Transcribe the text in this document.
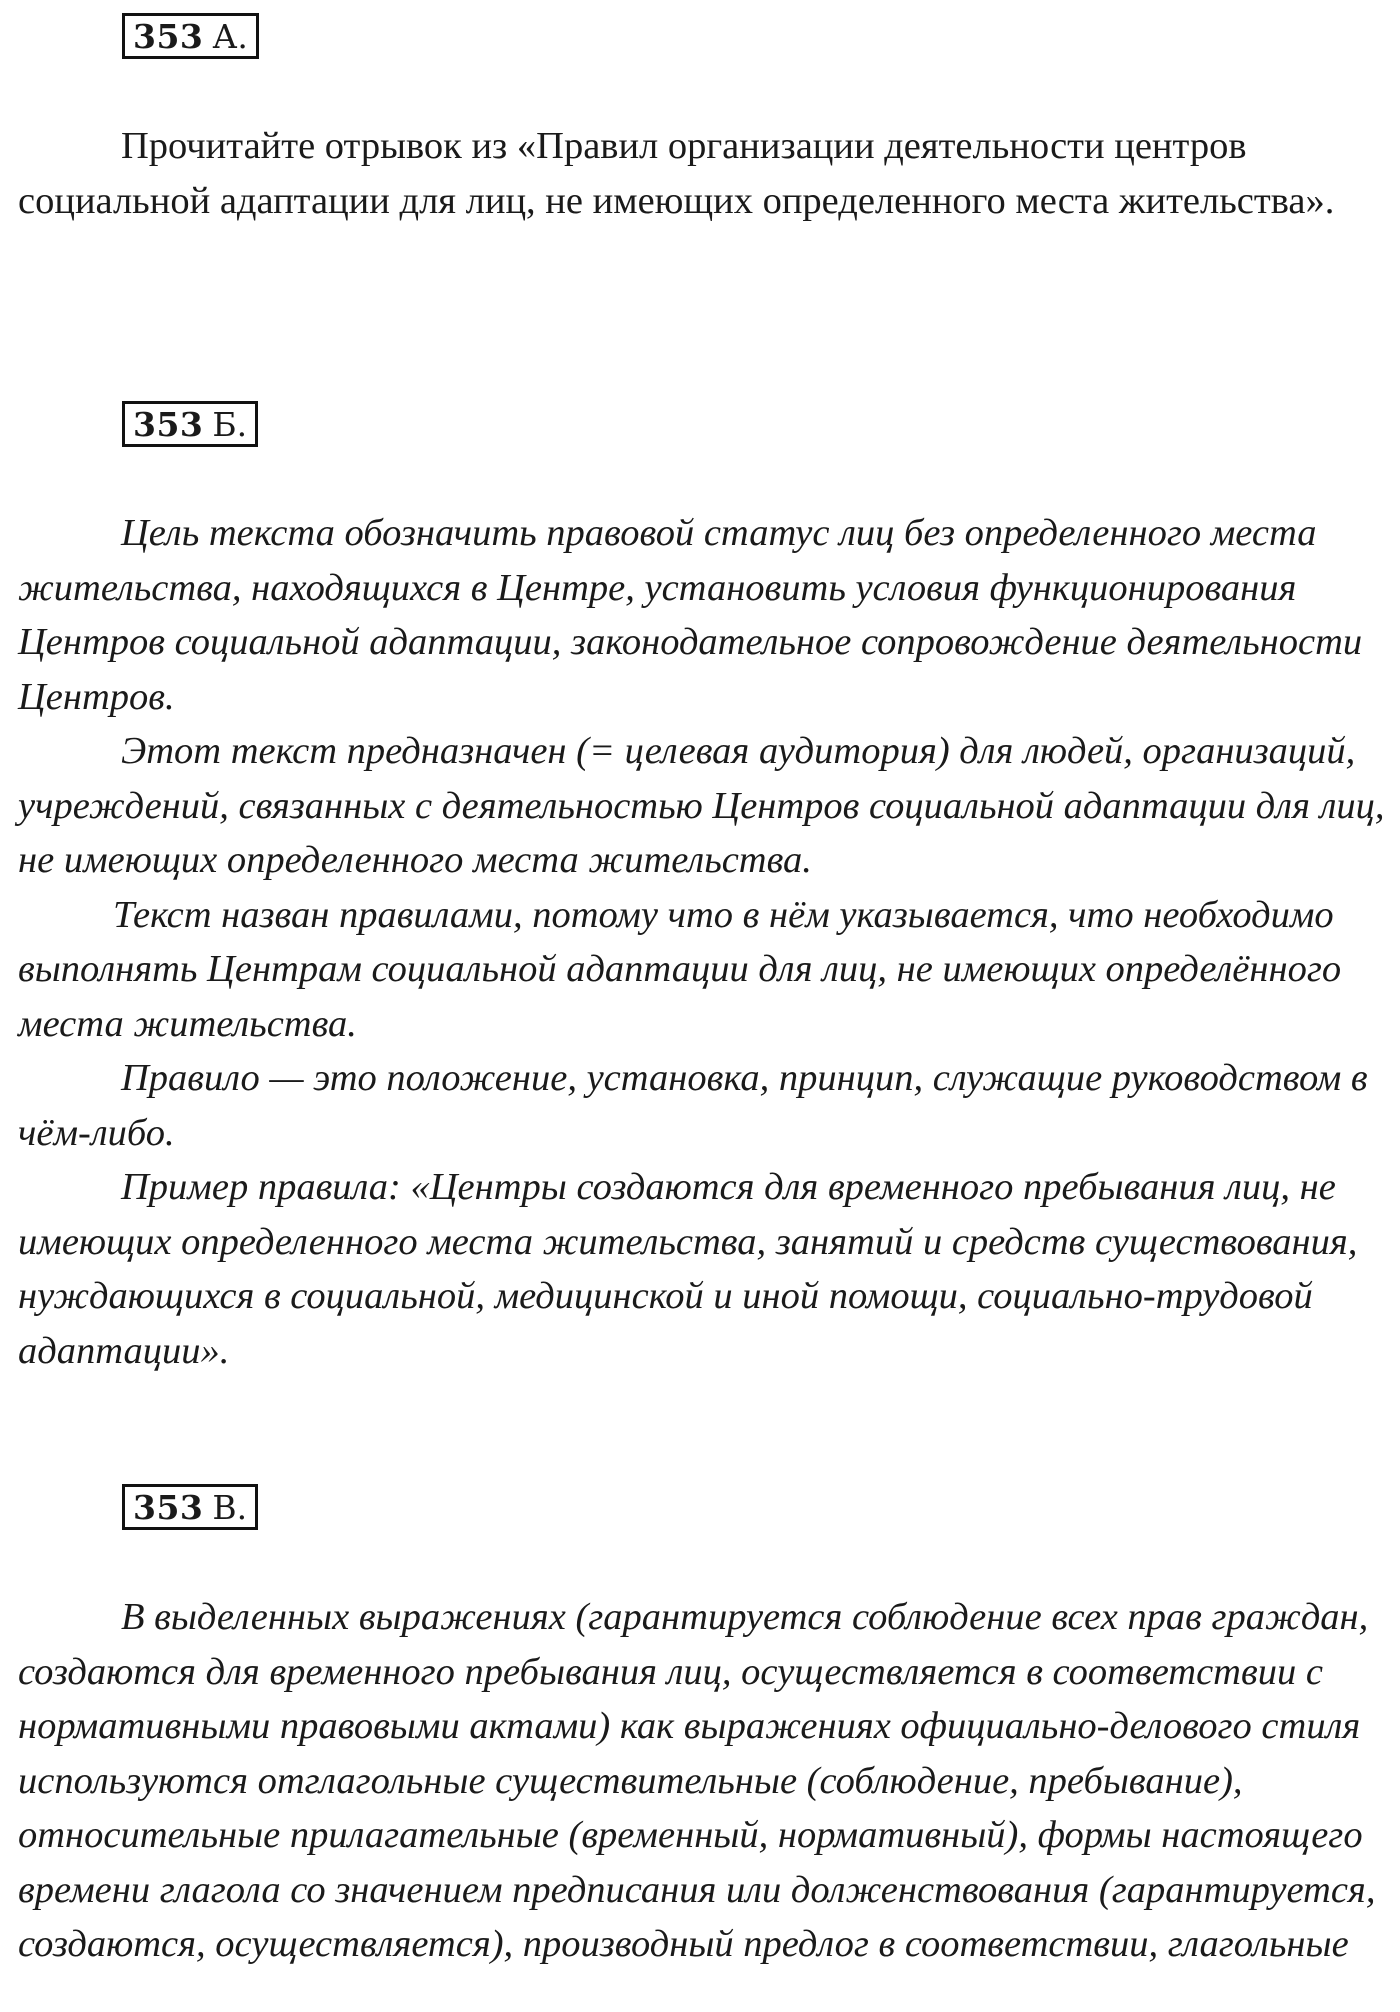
353 А.

Прочитайте отрывок из «Правил организации деятельности центров социальной адаптации для лиц, не имеющих определенного места жительства».

353 Б.

Цель текста обозначить правовой статус лиц без определенного места жительства, находящихся в Центре, установить условия функционирования Центров социальной адаптации, законодательное сопровождение деятельности Центров.

Этот текст предназначен (= целевая аудитория) для людей, организаций, учреждений, связанных с деятельностью Центров социальной адаптации для лиц, не имеющих определенного места жительства.

Текст назван правилами, потому что в нём указывается, что необходимо выполнять Центрам социальной адаптации для лиц, не имеющих определённого места жительства.

Правило — это положение, установка, принцип, служащие руководством в чём-либо.

Пример правила: «Центры создаются для временного пребывания лиц, не имеющих определенного места жительства, занятий и средств существования, нуждающихся в социальной, медицинской и иной помощи, социально-трудовой адаптации».

353 В.

В выделенных выражениях (гарантируется соблюдение всех прав граждан, создаются для временного пребывания лиц, осуществляется в соответствии с нормативными правовыми актами) как выражениях официально-делового стиля используются отглагольные существительные (соблюдение, пребывание), относительные прилагательные (временный, нормативный), формы настоящего времени глагола со значением предписания или долженствования (гарантируется, создаются, осуществляется), производный предлог в соответствии, глагольные
